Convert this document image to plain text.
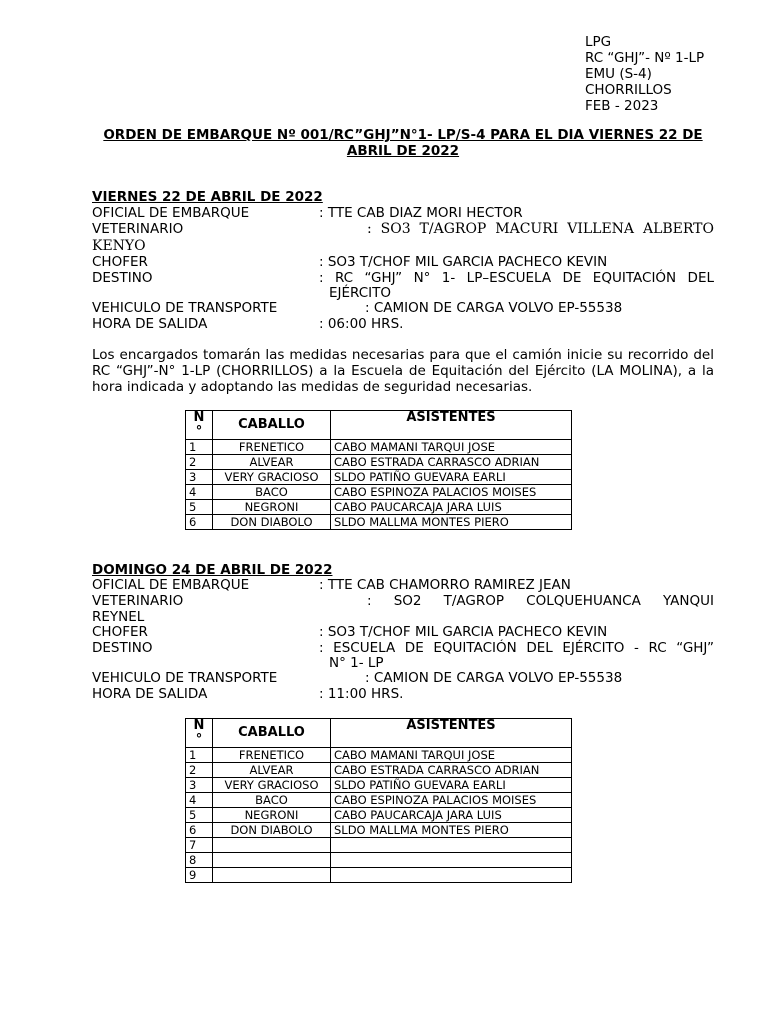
LPG
RC “GHJ”- Nº 1-LP
EMU (S-4)
CHORRILLOS
FEB - 2023
ORDEN DE EMBARQUE Nº 001/RC”GHJ”N°1- LP/S-4 PARA EL DIA VIERNES 22 DE ABRIL DE 2022
VIERNES 22 DE ABRIL DE 2022
OFICIAL DE EMBARQUE	: TTE CAB DIAZ MORI HECTOR
VETERINARIO	: SO3 T/AGROP MACURI VILLENA ALBERTO
KENYO
CHOFER	: SO3 T/CHOF MIL GARCIA PACHECO KEVIN
DESTINO	: RC “GHJ” N° 1- LP–ESCUELA DE EQUITACIÓN DEL
EJÉRCITO
VEHICULO DE TRANSPORTE	: CAMION DE CARGA VOLVO EP-55538
HORA DE SALIDA	: 06:00 HRS.
Los encargados tomarán las medidas necesarias para que el camión inicie su recorrido del RC “GHJ”-N° 1-LP (CHORRILLOS) a la Escuela de Equitación del Ejército (LA MOLINA), a la hora indicada y adoptando las medidas de seguridad necesarias.
N °	CABALLO	ASISTENTES
1	FRENETICO	CABO MAMANI TARQUI JOSE
2	ALVEAR	CABO ESTRADA CARRASCO ADRIAN
3	VERY GRACIOSO	SLDO PATIÑO GUEVARA EARLI
4	BACO	CABO ESPINOZA PALACIOS MOISES
5	NEGRONI	CABO PAUCARCAJA JARA LUIS
6	DON DIABOLO	SLDO MALLMA MONTES PIERO
DOMINGO 24 DE ABRIL DE 2022
OFICIAL DE EMBARQUE	: TTE CAB CHAMORRO RAMIREZ JEAN
VETERINARIO	: SO2 T/AGROP COLQUEHUANCA YANQUI
REYNEL
CHOFER	: SO3 T/CHOF MIL GARCIA PACHECO KEVIN
DESTINO	: ESCUELA DE EQUITACIÓN DEL EJÉRCITO - RC “GHJ”
N° 1- LP
VEHICULO DE TRANSPORTE	: CAMION DE CARGA VOLVO EP-55538
HORA DE SALIDA	: 11:00 HRS.
N °	CABALLO	ASISTENTES
1	FRENETICO	CABO MAMANI TARQUI JOSE
2	ALVEAR	CABO ESTRADA CARRASCO ADRIAN
3	VERY GRACIOSO	SLDO PATIÑO GUEVARA EARLI
4	BACO	CABO ESPINOZA PALACIOS MOISES
5	NEGRONI	CABO PAUCARCAJA JARA LUIS
6	DON DIABOLO	SLDO MALLMA MONTES PIERO
7		
8		
9		
